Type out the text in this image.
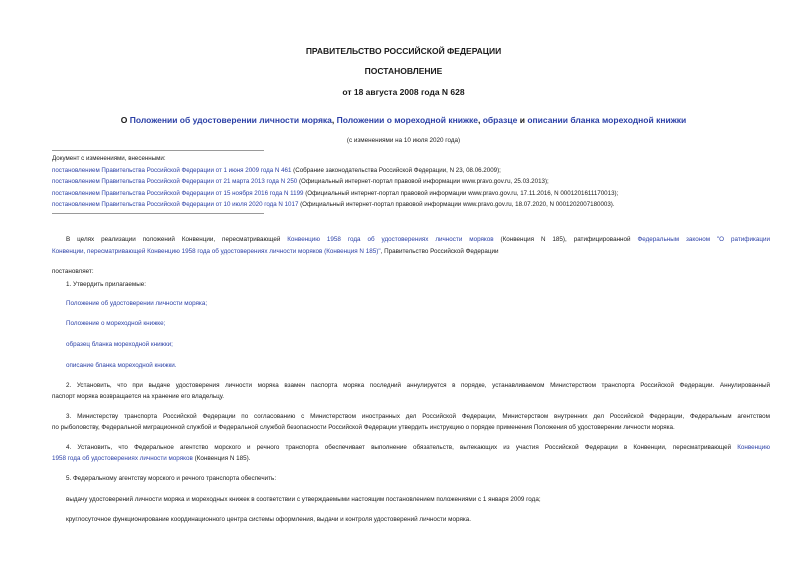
ПРАВИТЕЛЬСТВО РОССИЙСКОЙ ФЕДЕРАЦИИ
ПОСТАНОВЛЕНИЕ
от 18 августа 2008 года N 628
О Положении об удостоверении личности моряка, Положении о мореходной книжке, образце и описании бланка мореходной книжки
(с изменениями на 10 июля 2020 года)
Документ с изменениями, внесенными:
постановлением Правительства Российской Федерации от 1 июня 2009 года N 461 (Собрание законодательства Российской Федерации, N 23, 08.06.2009);
постановлением Правительства Российской Федерации от 21 марта 2013 года N 250 (Официальный интернет-портал правовой информации www.pravo.gov.ru, 25.03.2013);
постановлением Правительства Российской Федерации от 15 ноября 2016 года N 1199 (Официальный интернет-портал правовой информации www.pravo.gov.ru, 17.11.2016, N 0001201611170013);
постановлением Правительства Российской Федерации от 10 июля 2020 года N 1017 (Официальный интернет-портал правовой информации www.pravo.gov.ru, 18.07.2020, N 0001202007180003).
В целях реализации положений Конвенции, пересматривающей Конвенцию 1958 года об удостоверениях личности моряков (Конвенция N 185), ратифицированной Федеральным законом "О ратификации
Конвенции, пересматривающей Конвенцию 1958 года об удостоверениях личности моряков (Конвенция N 185)", Правительство Российской Федерации
постановляет:
1. Утвердить прилагаемые:
Положение об удостоверении личности моряка;
Положение о мореходной книжке;
образец бланка мореходной книжки;
описание бланка мореходной книжки.
2. Установить, что при выдаче удостоверения личности моряка взамен паспорта моряка последний аннулируется в порядке, устанавливаемом Министерством транспорта Российской Федерации. Аннулированный
паспорт моряка возвращается на хранение его владельцу.
3. Министерству транспорта Российской Федерации по согласованию с Министерством иностранных дел Российской Федерации, Министерством внутренних дел Российской Федерации, Федеральным агентством
по рыболовству, Федеральной миграционной службой и Федеральной службой безопасности Российской Федерации утвердить инструкцию о порядке применения Положения об удостоверении личности моряка.
4. Установить, что Федеральное агентство морского и речного транспорта обеспечивает выполнение обязательств, вытекающих из участия Российской Федерации в Конвенции, пересматривающей Конвенцию
1958 года об удостоверениях личности моряков (Конвенция N 185).
5. Федеральному агентству морского и речного транспорта обеспечить:
выдачу удостоверений личности моряка и мореходных книжек в соответствии с утверждаемыми настоящим постановлением положениями с 1 января 2009 года;
круглосуточное функционирование координационного центра системы оформления, выдачи и контроля удостоверений личности моряка.
